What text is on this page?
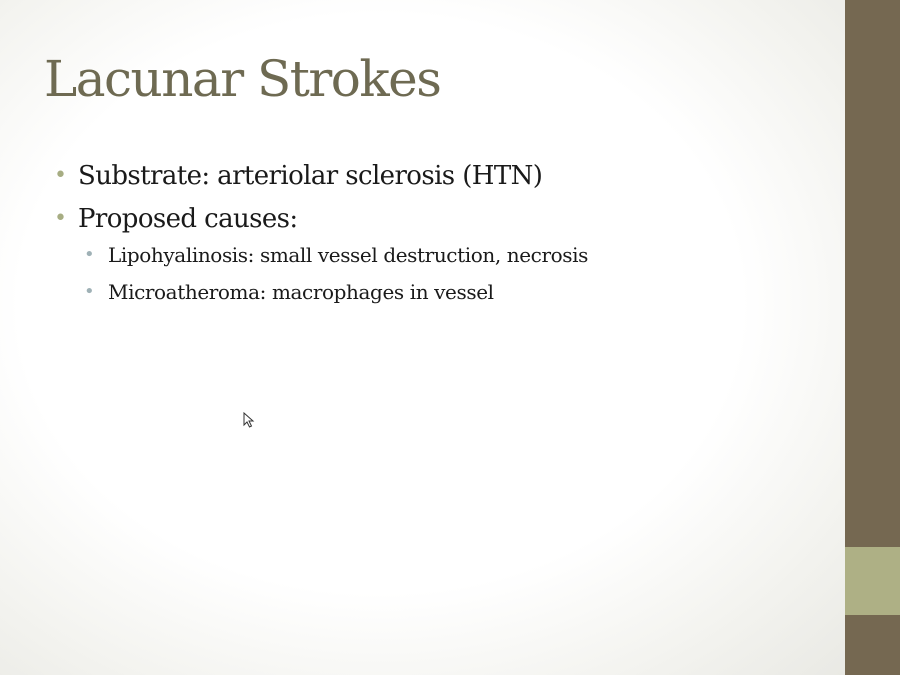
Lacunar Strokes
• Substrate: arteriolar sclerosis (HTN)
• Proposed causes:
• Lipohyalinosis: small vessel destruction, necrosis
• Microatheroma: macrophages in vessel
